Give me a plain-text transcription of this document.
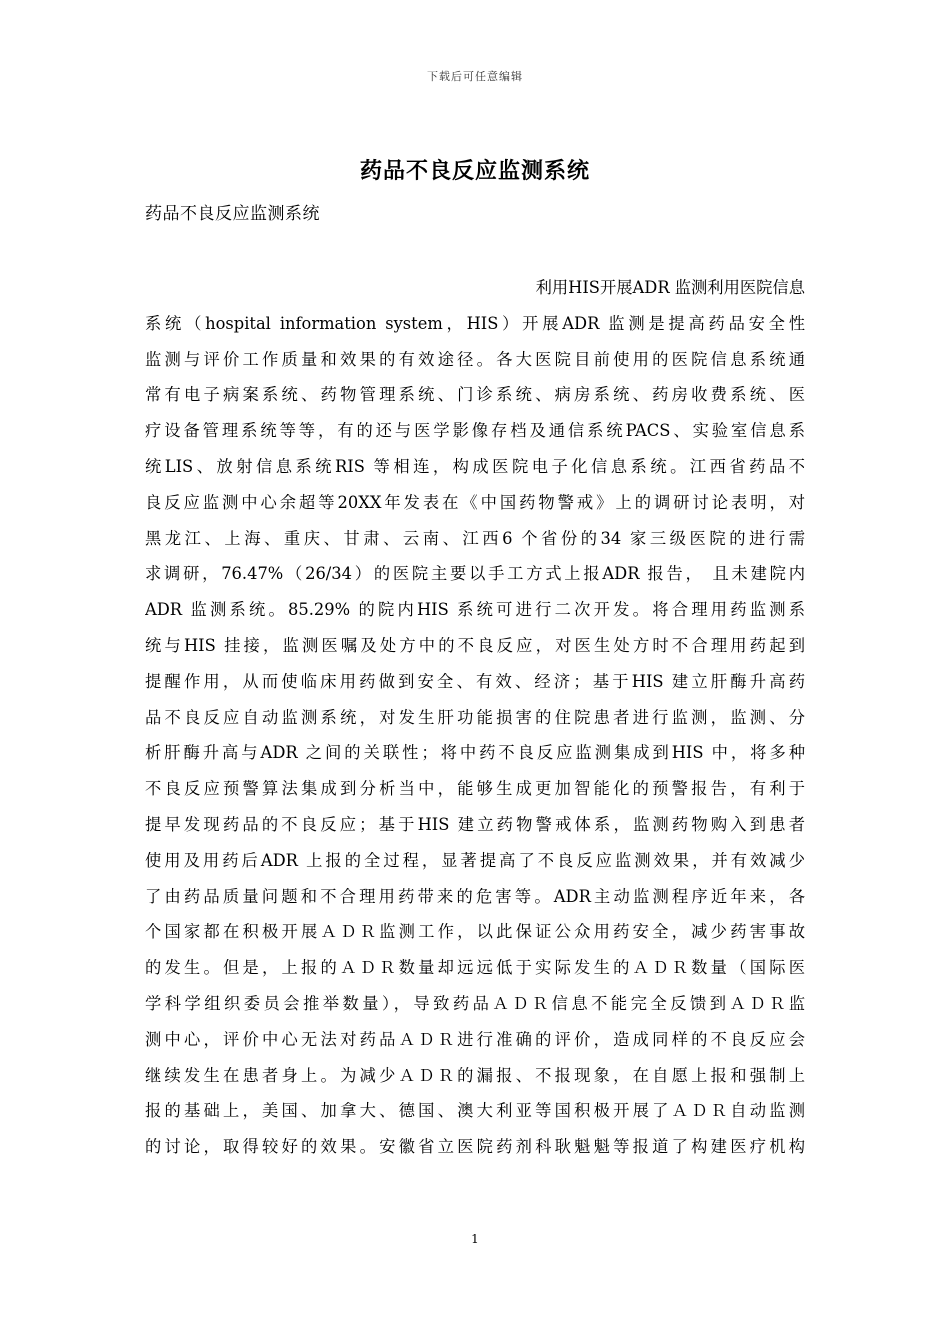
下载后可任意编辑
药品不良反应监测系统
药品不良反应监测系统
利用HIS开展ADR 监测利用医院信息
系统（hospital information system，HIS）开展ADR 监测是提高药品安全性
监测与评价工作质量和效果的有效途径。各大医院目前使用的医院信息系统通
常有电子病案系统、药物管理系统、门诊系统、病房系统、药房收费系统、医
疗设备管理系统等等，有的还与医学影像存档及通信系统PACS、实验室信息系
统LIS、放射信息系统RIS 等相连，构成医院电子化信息系统。江西省药品不
良反应监测中心余超等20XX年发表在《中国药物警戒》上的调研讨论表明，对
黑龙江、上海、重庆、甘肃、云南、江西6 个省份的34 家三级医院的进行需
求调研，76.47%（26/34）的医院主要以手工方式上报ADR 报告， 且未建院内
ADR 监测系统。85.29% 的院内HIS 系统可进行二次开发。将合理用药监测系
统与HIS 挂接，监测医嘱及处方中的不良反应，对医生处方时不合理用药起到
提醒作用，从而使临床用药做到安全、有效、经济；基于HIS 建立肝酶升高药
品不良反应自动监测系统，对发生肝功能损害的住院患者进行监测，监测、分
析肝酶升高与ADR 之间的关联性；将中药不良反应监测集成到HIS 中，将多种
不良反应预警算法集成到分析当中，能够生成更加智能化的预警报告，有利于
提早发现药品的不良反应；基于HIS 建立药物警戒体系，监测药物购入到患者
使用及用药后ADR 上报的全过程，显著提高了不良反应监测效果，并有效减少
了由药品质量问题和不合理用药带来的危害等。ADR主动监测程序近年来，各
个国家都在积极开展ＡＤＲ监测工作，以此保证公众用药安全，减少药害事故
的发生。但是，上报的ＡＤＲ数量却远远低于实际发生的ＡＤＲ数量（国际医
学科学组织委员会推举数量），导致药品ＡＤＲ信息不能完全反馈到ＡＤＲ监
测中心，评价中心无法对药品ＡＤＲ进行准确的评价，造成同样的不良反应会
继续发生在患者身上。为减少ＡＤＲ的漏报、不报现象，在自愿上报和强制上
报的基础上，美国、加拿大、德国、澳大利亚等国积极开展了ＡＤＲ自动监测
的讨论，取得较好的效果。安徽省立医院药剂科耿魁魁等报道了构建医疗机构
1
